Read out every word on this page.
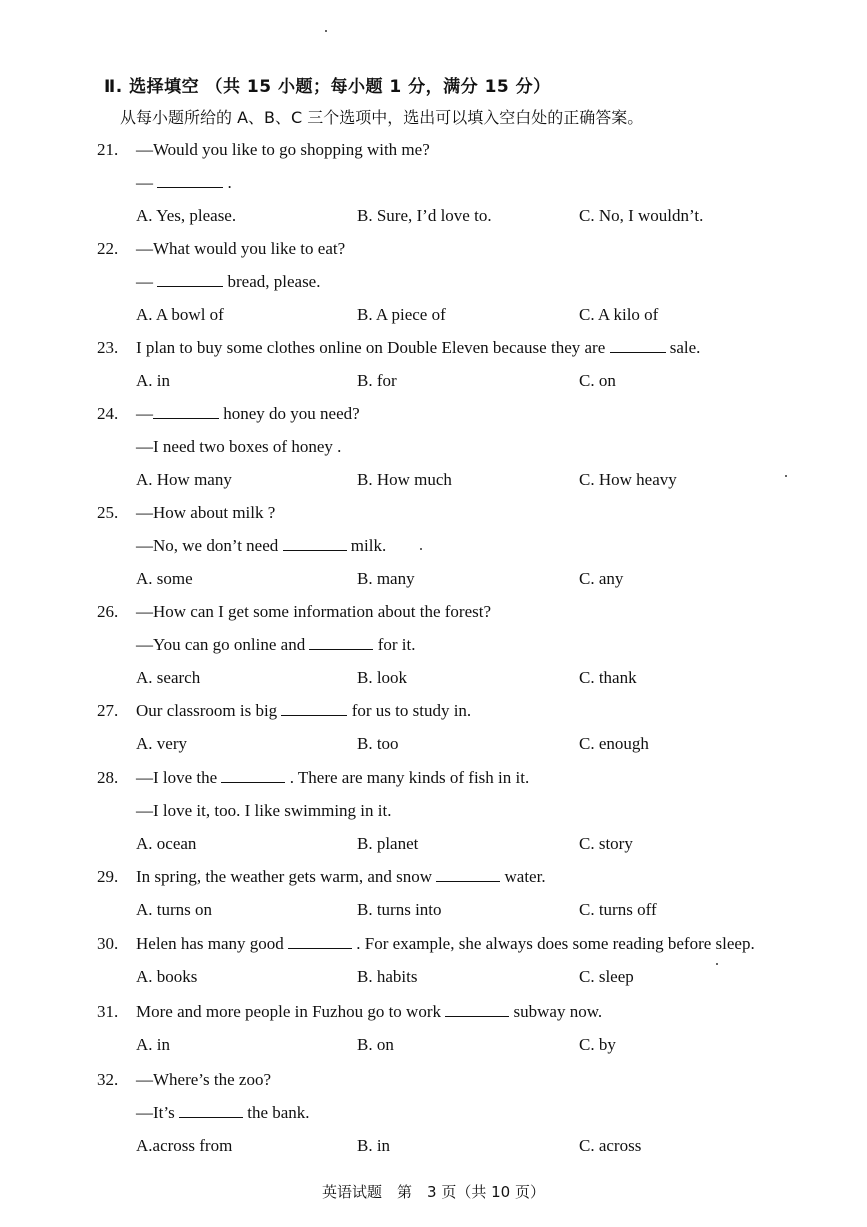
Ⅱ. 选择填空 （共 15 小题；每小题 1 分，满分 15 分）
从每小题所给的 A、B、C 三个选项中，选出可以填入空白处的正确答案。
21. —Would you like to go shopping with me?
—	.
A. Yes, please.	B. Sure, I’d love to.	C. No, I wouldn’t.
22. —What would you like to eat?
—	bread, please.
A. A bowl of	B. A piece of	C. A kilo of
23. I plan to buy some clothes online on Double Eleven because they are	sale.
A. in	B. for	C. on
24. —	honey do you need?
—I need two boxes of honey .
A. How many	B. How much	C. How heavy
25. —How about milk ?
—No, we don’t need	milk.
A. some	B. many	C. any
26. —How can I get some information about the forest?
—You can go online and	for it.
A. search	B. look	C. thank
27. Our classroom is big	for us to study in.
A. very	B. too	C. enough
28. —I love the	. There are many kinds of fish in it.
—I love it, too. I like swimming in it.
A. ocean	B. planet	C. story
29. In spring, the weather gets warm, and snow	water.
A. turns on	B. turns into	C. turns off
30. Helen has many good	. For example, she always does some reading before sleep.
A. books	B. habits	C. sleep
31. More and more people in Fuzhou go to work	subway now.
A. in	B. on	C. by
32. —Where’s the zoo?
—It’s	the bank.
A.across from	B. in	C. across
英语试题　第　3 页（共 10 页）
